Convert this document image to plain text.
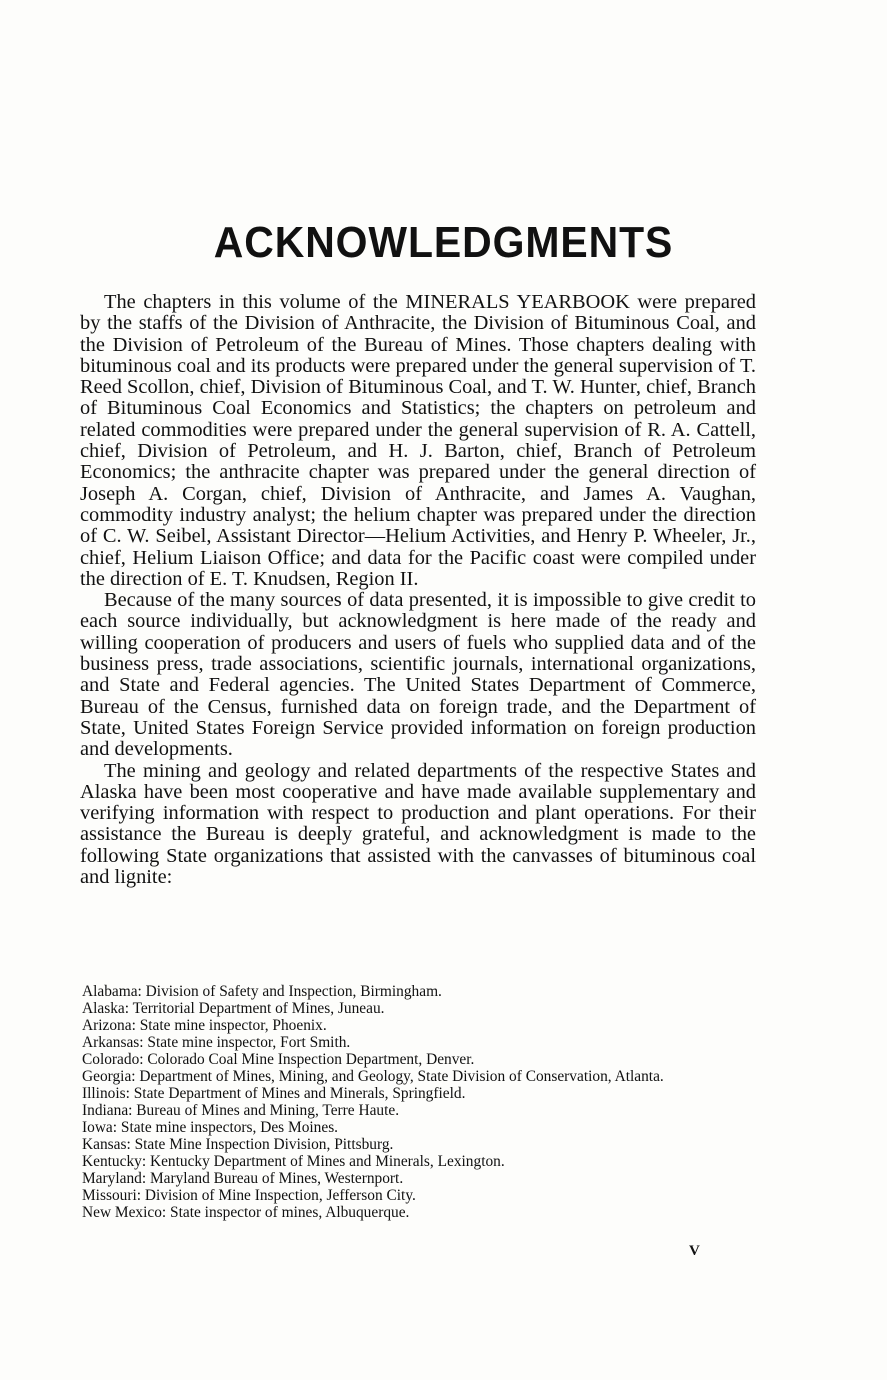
ACKNOWLEDGMENTS

The chapters in this volume of the MINERALS YEARBOOK were prepared by the staffs of the Division of Anthracite, the Division of Bituminous Coal, and the Division of Petroleum of the Bureau of Mines. Those chapters dealing with bituminous coal and its products were prepared under the general supervision of T. Reed Scollon, chief, Division of Bituminous Coal, and T. W. Hunter, chief, Branch of Bituminous Coal Economics and Statistics; the chapters on petroleum and related commodities were prepared under the general supervision of R. A. Cattell, chief, Division of Petroleum, and H. J. Barton, chief, Branch of Petroleum Economics; the anthracite chapter was prepared under the general direction of Joseph A. Corgan, chief, Division of Anthracite, and James A. Vaughan, commodity industry analyst; the helium chapter was prepared under the direction of C. W. Seibel, Assistant Director—Helium Activities, and Henry P. Wheeler, Jr., chief, Helium Liaison Office; and data for the Pacific coast were compiled under the direction of E. T. Knudsen, Region II.

Because of the many sources of data presented, it is impossible to give credit to each source individually, but acknowledgment is here made of the ready and willing cooperation of producers and users of fuels who supplied data and of the business press, trade associations, scientific journals, international organizations, and State and Federal agencies. The United States Department of Commerce, Bureau of the Census, furnished data on foreign trade, and the Department of State, United States Foreign Service provided information on foreign production and developments.

The mining and geology and related departments of the respective States and Alaska have been most cooperative and have made available supplementary and verifying information with respect to production and plant operations. For their assistance the Bureau is deeply grateful, and acknowledgment is made to the following State organizations that assisted with the canvasses of bituminous coal and lignite:

Alabama: Division of Safety and Inspection, Birmingham.
Alaska: Territorial Department of Mines, Juneau.
Arizona: State mine inspector, Phoenix.
Arkansas: State mine inspector, Fort Smith.
Colorado: Colorado Coal Mine Inspection Department, Denver.
Georgia: Department of Mines, Mining, and Geology, State Division of Conservation, Atlanta.
Illinois: State Department of Mines and Minerals, Springfield.
Indiana: Bureau of Mines and Mining, Terre Haute.
Iowa: State mine inspectors, Des Moines.
Kansas: State Mine Inspection Division, Pittsburg.
Kentucky: Kentucky Department of Mines and Minerals, Lexington.
Maryland: Maryland Bureau of Mines, Westernport.
Missouri: Division of Mine Inspection, Jefferson City.
New Mexico: State inspector of mines, Albuquerque.
V
